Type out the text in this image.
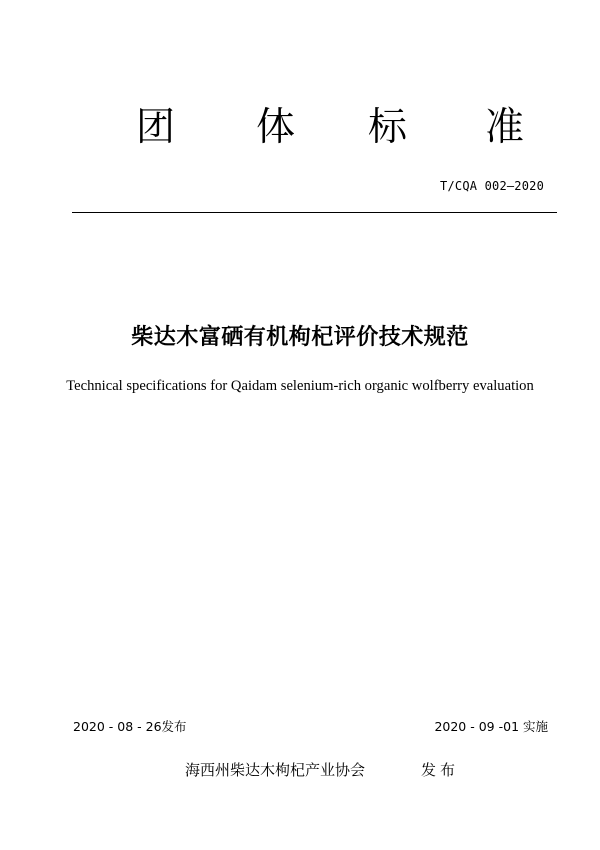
团 体 标 准
T/CQA 002—2020
柴达木富硒有机枸杞评价技术规范
Technical specifications for Qaidam selenium-rich organic wolfberry evaluation
2020 - 08 - 26发布	2020 - 09 -01 实施
海西州柴达木枸杞产业协会	发布
